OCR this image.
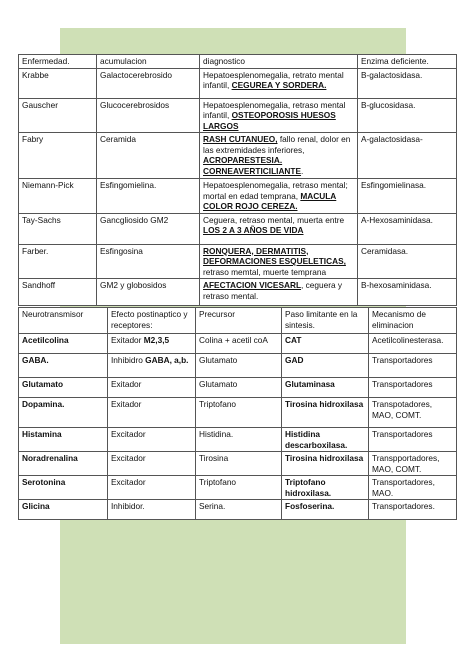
Enfermedad.	acumulacion	diagnostico	Enzima deficiente.
Krabbe	Galactocerebrosido	Hepatoesplenomegalia, retrato mental infantil, CEGUREA Y SORDERA.	B-galactosidasa.
Gauscher	Glucocerebrosidos	Hepatoesplenomegalia, retraso mental infantil, OSTEOPOROSIS HUESOS LARGOS	B-glucosidasa.
Fabry	Ceramida	RASH CUTANUEO, fallo renal, dolor en las extremidades inferiores, ACROPARESTESIA. CORNEAVERTICILIANTE.	A-galactosidasa-
Niemann-Pick	Esfingomielina.	Hepatoesplenomegalia, retraso mental; mortal en edad temprana, MACULA COLOR ROJO CEREZA.	Esfingomielinasa.
Tay-Sachs	Gancgliosido GM2	Ceguera, retraso mental, muerta entre LOS 2 A 3 AÑOS DE VIDA	A-Hexosaminidasa.
Farber.	Esfingosina	RONQUERA, DERMATITIS, DEFORMACIONES ESQUELETICAS, retraso memtal, muerte temprana	Ceramidasa.
Sandhoff	GM2 y globosidos	AFECTACION VICESARL, ceguera y retraso mental.	B-hexosaminidasa.
Neurotransmisor	Efecto postinaptico y receptores:	Precursor	Paso limitante en la sintesis.	Mecanismo de eliminacion
Acetilcolina	Exitador M2,3,5	Colina + acetil coA	CAT	Acetilcolinesterasa.
GABA.	Inhibidro GABA, a,b.	Glutamato	GAD	Transportadores
Glutamato	Exitador	Glutamato	Glutaminasa	Transportadores
Dopamina.	Exitador	Triptofano	Tirosina hidroxilasa	Transpotadores, MAO, COMT.
Histamina	Excitador	Histidina.	Histidina descarboxilasa.	Transportadores
Noradrenalina	Excitador	Tirosina	Tirosina hidroxilasa	Transpportadores, MAO, COMT.
Serotonina	Excitador	Triptofano	Triptofano hidroxilasa.	Transportadores, MAO.
Glicina	Inhibidor.	Serina.	Fosfoserina.	Transportadores.
